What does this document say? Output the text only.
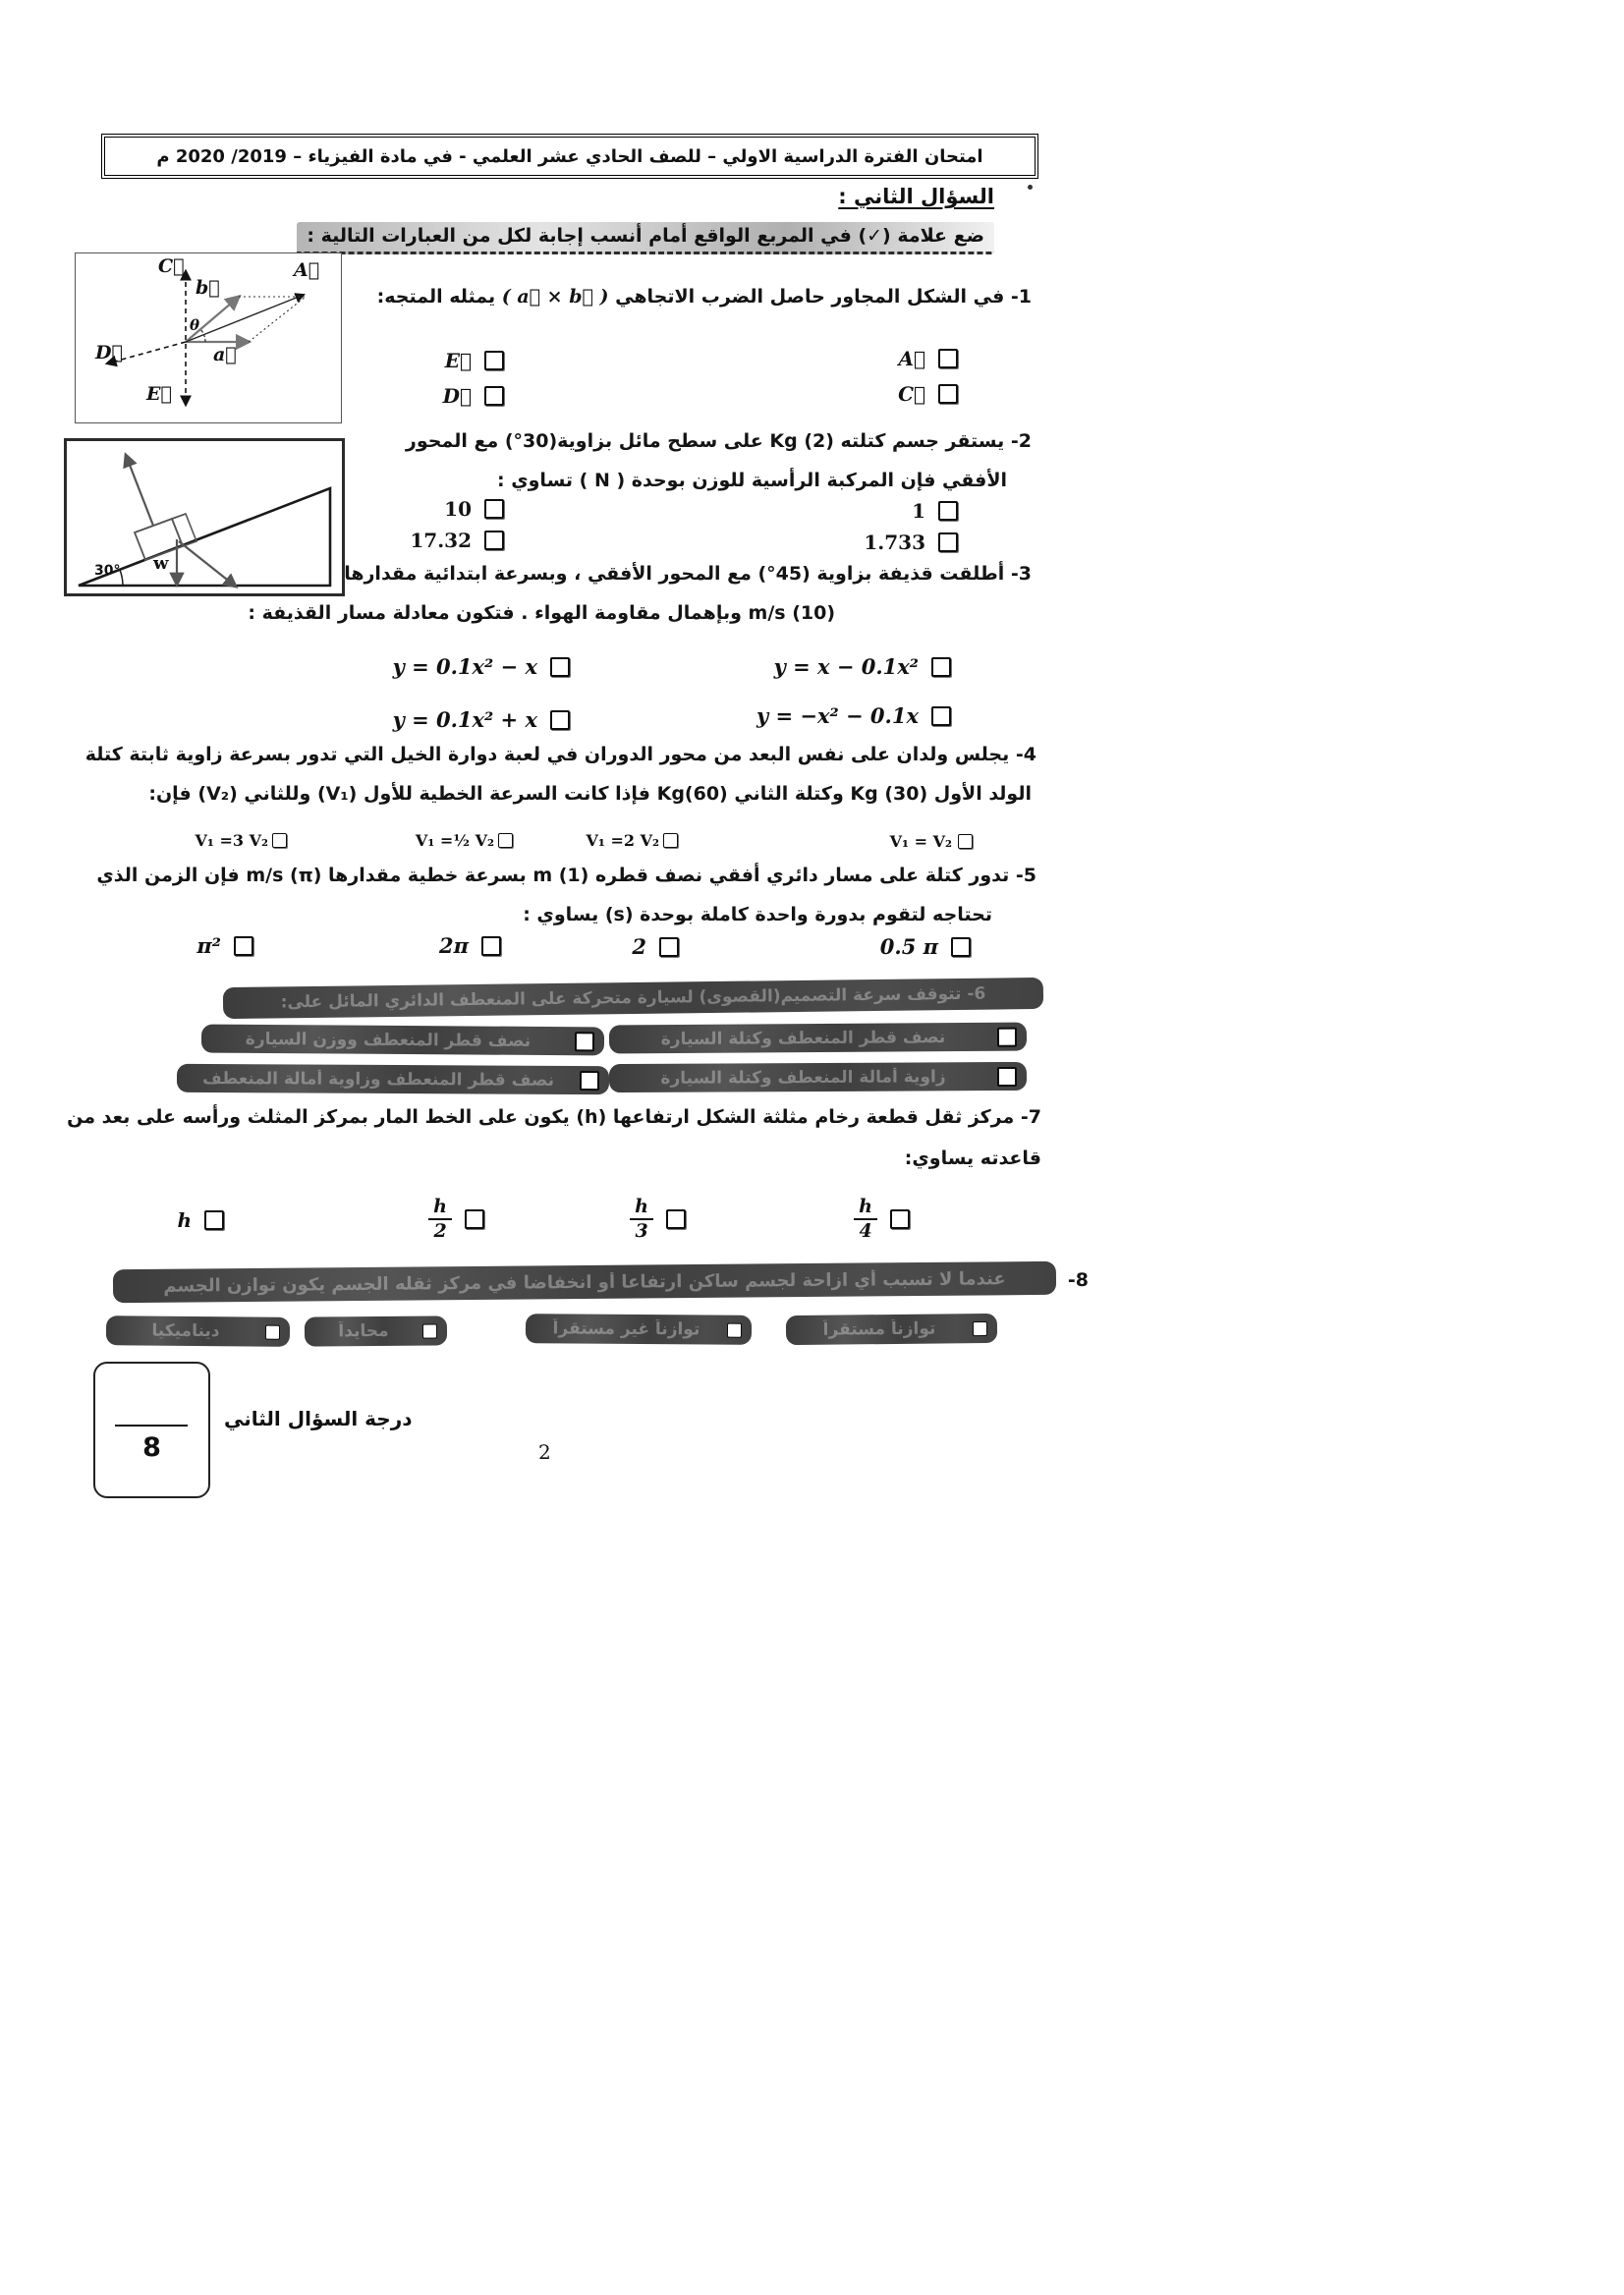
امتحان الفترة الدراسية الاولي – للصف الحادي عشر العلمي - في مادة الفيزياء – 2019/ 2020 م
السؤال الثاني :
ضع علامة (✓) في المربع الواقع أمام أنسب إجابة لكل من العبارات التالية :
C⃗	A⃗
b⃗
θ
a⃗
D⃗
E⃗
1- في الشكل المجاور حاصل الضرب الاتجاهي ( a⃗ × b⃗ ) يمثله المتجه:
A⃗
C⃗
E⃗
D⃗
2- يستقر جسم كتلته Kg (2) على سطح مائل بزاوية(30°) مع المحور
الأفقي فإن المركبة الرأسية للوزن بوحدة ( N ) تساوي :
1
1.733
10
17.32
30° w	3- أطلقت قذيفة بزاوية (45°) مع المحور الأفقي ، وبسرعة ابتدائية مقدارها
m/s (10) وبإهمال مقاومة الهواء . فتكون معادلة مسار القذيفة :
y = x − 0.1x²
y = −x² − 0.1x
y = 0.1x² − x
y = 0.1x² + x
4- يجلس ولدان على نفس البعد من محور الدوران في لعبة دوارة الخيل التي تدور بسرعة زاوية ثابتة كتلة
الولد الأول Kg (30) وكتلة الثاني Kg(60) فإذا كانت السرعة الخطية للأول (V₁) وللثاني (V₂) فإن:
V₁ =3 V₂	V₁ =½ V₂	V₁ =2 V₂	V₁ = V₂
5- تدور كتلة على مسار دائري أفقي نصف قطره m (1) بسرعة خطية مقدارها m/s (π) فإن الزمن الذي
تحتاجه لتقوم بدورة واحدة كاملة بوحدة (s) يساوي :
π²	2π	2	0.5 π
6- تتوقف سرعة التصميم(القصوى) لسيارة متحركة على المنعطف الدائري المائل على:
نصف قطر المنعطف وكتلة السيارة
نصف قطر المنعطف ووزن السيارة
زاوية أمالة المنعطف وكتلة السيارة
نصف قطر المنعطف وزاوية أمالة المنعطف
7- مركز ثقل قطعة رخام مثلثة الشكل ارتفاعها (h) يكون على الخط المار بمركز المثلث ورأسه على بعد من
قاعدته يساوي:
h	$\frac{h}{2}$	$\frac{h}{3}$	$\frac{h}{4}$
8-
عندما لا تسبب أي ازاحة لجسم ساكن ارتفاعا أو انخفاضا في مركز ثقله الجسم يكون توازن الجسم
توازناً مستقراً
توازناً غير مستقراً
محايداً
ديناميكيا
8
درجة السؤال الثاني
2
